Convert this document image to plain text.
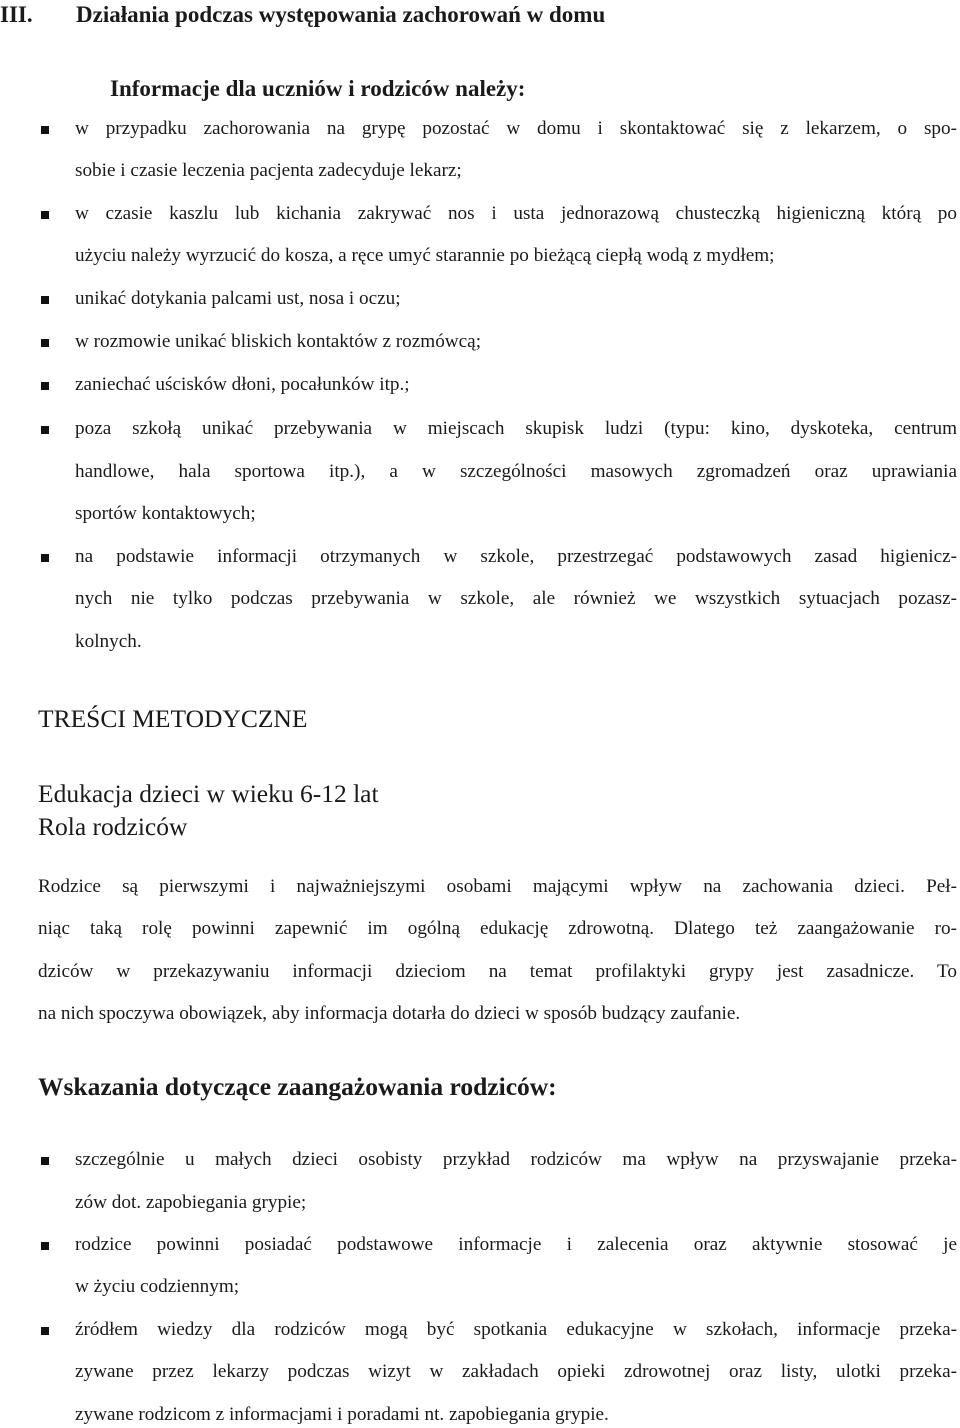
III. Działania podczas występowania zachorowań w domu
Informacje dla uczniów i rodziców należy:
w przypadku zachorowania na grypę pozostać w domu i skontaktować się z lekarzem, o spo-
sobie i czasie leczenia pacjenta zadecyduje lekarz;
w czasie kaszlu lub kichania zakrywać nos i usta jednorazową chusteczką higieniczną którą po
użyciu należy wyrzucić do kosza, a ręce umyć starannie po bieżącą ciepłą wodą z mydłem;
unikać dotykania palcami ust, nosa i oczu;
w rozmowie unikać bliskich kontaktów z rozmówcą;
zaniechać uścisków dłoni, pocałunków itp.;
poza szkołą unikać przebywania w miejscach skupisk ludzi (typu: kino, dyskoteka, centrum
handlowe, hala sportowa itp.), a w szczególności masowych zgromadzeń oraz uprawiania
sportów kontaktowych;
na podstawie informacji otrzymanych w szkole, przestrzegać podstawowych zasad higienicz-
nych nie tylko podczas przebywania w szkole, ale również we wszystkich sytuacjach pozasz-
kolnych.
TREŚCI METODYCZNE
Edukacja dzieci w wieku 6-12 lat
Rola rodziców
Rodzice są pierwszymi i najważniejszymi osobami mającymi wpływ na zachowania dzieci. Peł-
niąc taką rolę powinni zapewnić im ogólną edukację zdrowotną. Dlatego też zaangażowanie ro-
dziców w przekazywaniu informacji dzieciom na temat profilaktyki grypy jest zasadnicze. To
na nich spoczywa obowiązek, aby informacja dotarła do dzieci w sposób budzący zaufanie.
Wskazania dotyczące zaangażowania rodziców:
szczególnie u małych dzieci osobisty przykład rodziców ma wpływ na przyswajanie przeka-
zów dot. zapobiegania grypie;
rodzice powinni posiadać podstawowe informacje i zalecenia oraz aktywnie stosować je
w życiu codziennym;
źródłem wiedzy dla rodziców mogą być spotkania edukacyjne w szkołach, informacje przeka-
zywane przez lekarzy podczas wizyt w zakładach opieki zdrowotnej oraz listy, ulotki przeka-
zywane rodzicom z informacjami i poradami nt. zapobiegania grypie.
